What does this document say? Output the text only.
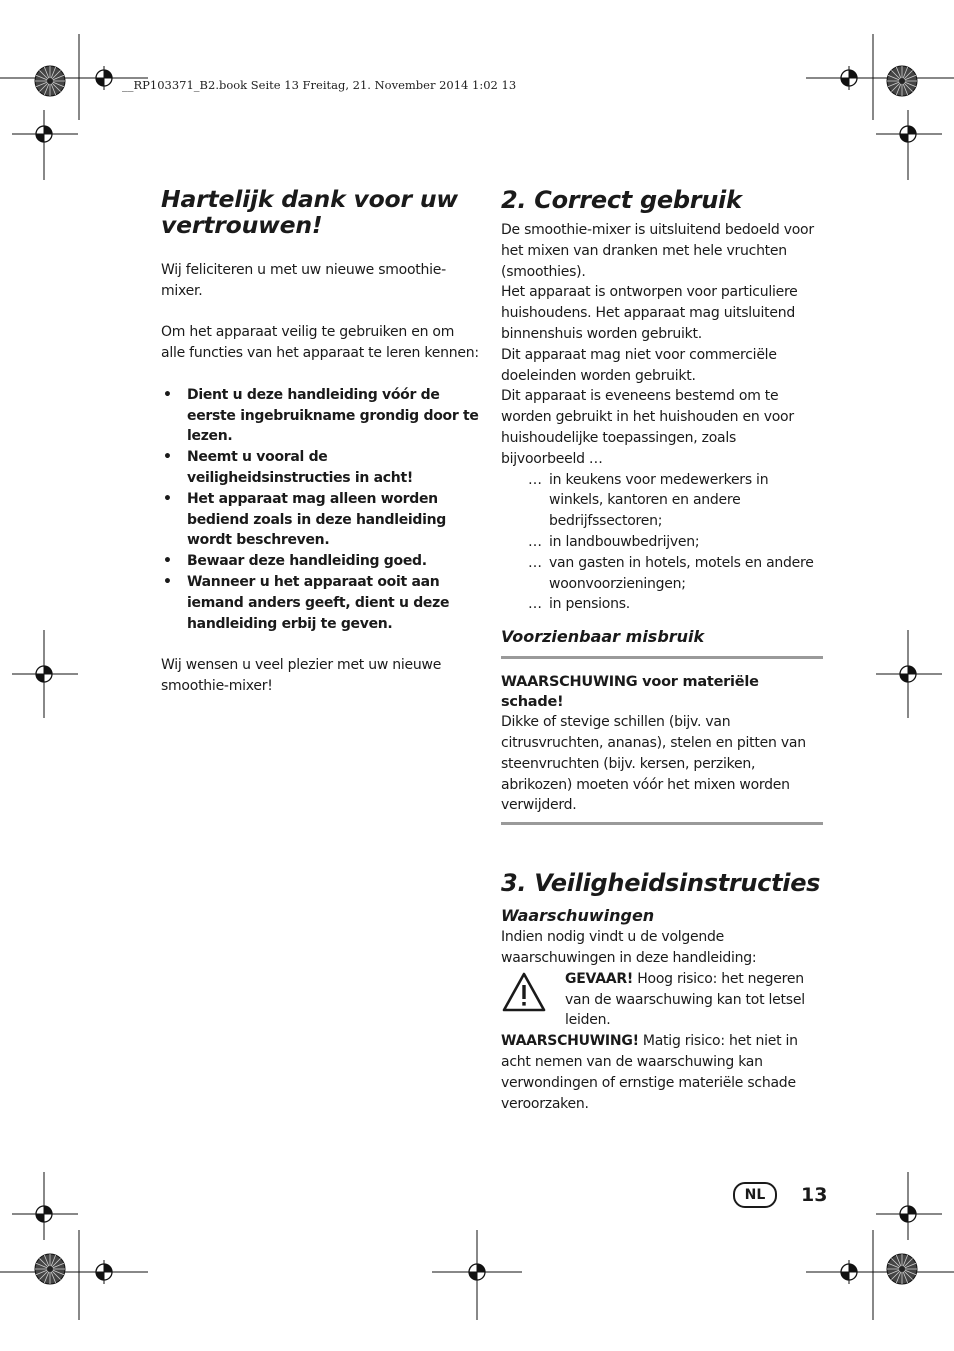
__RP103371_B2.book Seite 13 Freitag, 21. November 2014 1:02 13
Hartelijk dank voor uw vertrouwen!

Wij feliciteren u met uw nieuwe smoothie-mixer.

Om het apparaat veilig te gebruiken en om alle functies van het apparaat te leren kennen:

• Dient u deze handleiding vóór de eerste ingebruikname grondig door te lezen.
• Neemt u vooral de veiligheidsinstructies in acht!
• Het apparaat mag alleen worden bediend zoals in deze handleiding wordt beschreven.
• Bewaar deze handleiding goed.
• Wanneer u het apparaat ooit aan iemand anders geeft, dient u deze handleiding erbij te geven.

Wij wensen u veel plezier met uw nieuwe smoothie-mixer!

2. Correct gebruik

De smoothie-mixer is uitsluitend bedoeld voor het mixen van dranken met hele vruchten (smoothies).

Het apparaat is ontworpen voor particuliere huishoudens. Het apparaat mag uitsluitend binnenshuis worden gebruikt.

Dit apparaat mag niet voor commerciële doeleinden worden gebruikt.

Dit apparaat is eveneens bestemd om te worden gebruikt in het huishouden en voor huishoudelijke toepassingen, zoals bijvoorbeeld …

… in keukens voor medewerkers in winkels, kantoren en andere bedrijfssectoren;
… in landbouwbedrijven;
… van gasten in hotels, motels en andere woonvoorzieningen;
… in pensions.
Voorzienbaar misbruik

WAARSCHUWING voor materiële schade!

Dikke of stevige schillen (bijv. van citrusvruchten, ananas), stelen en pitten van steenvruchten (bijv. kersen, perziken, abrikozen) moeten vóór het mixen worden verwijderd.

3. Veiligheidsinstructies
Waarschuwingen

Indien nodig vindt u de volgende waarschuwingen in deze handleiding:

GEVAAR! Hoog risico: het negeren van de waarschuwing kan tot letsel leiden.

WAARSCHUWING! Matig risico: het niet in acht nemen van de waarschuwing kan verwondingen of ernstige materiële schade veroorzaken.

NL	13
